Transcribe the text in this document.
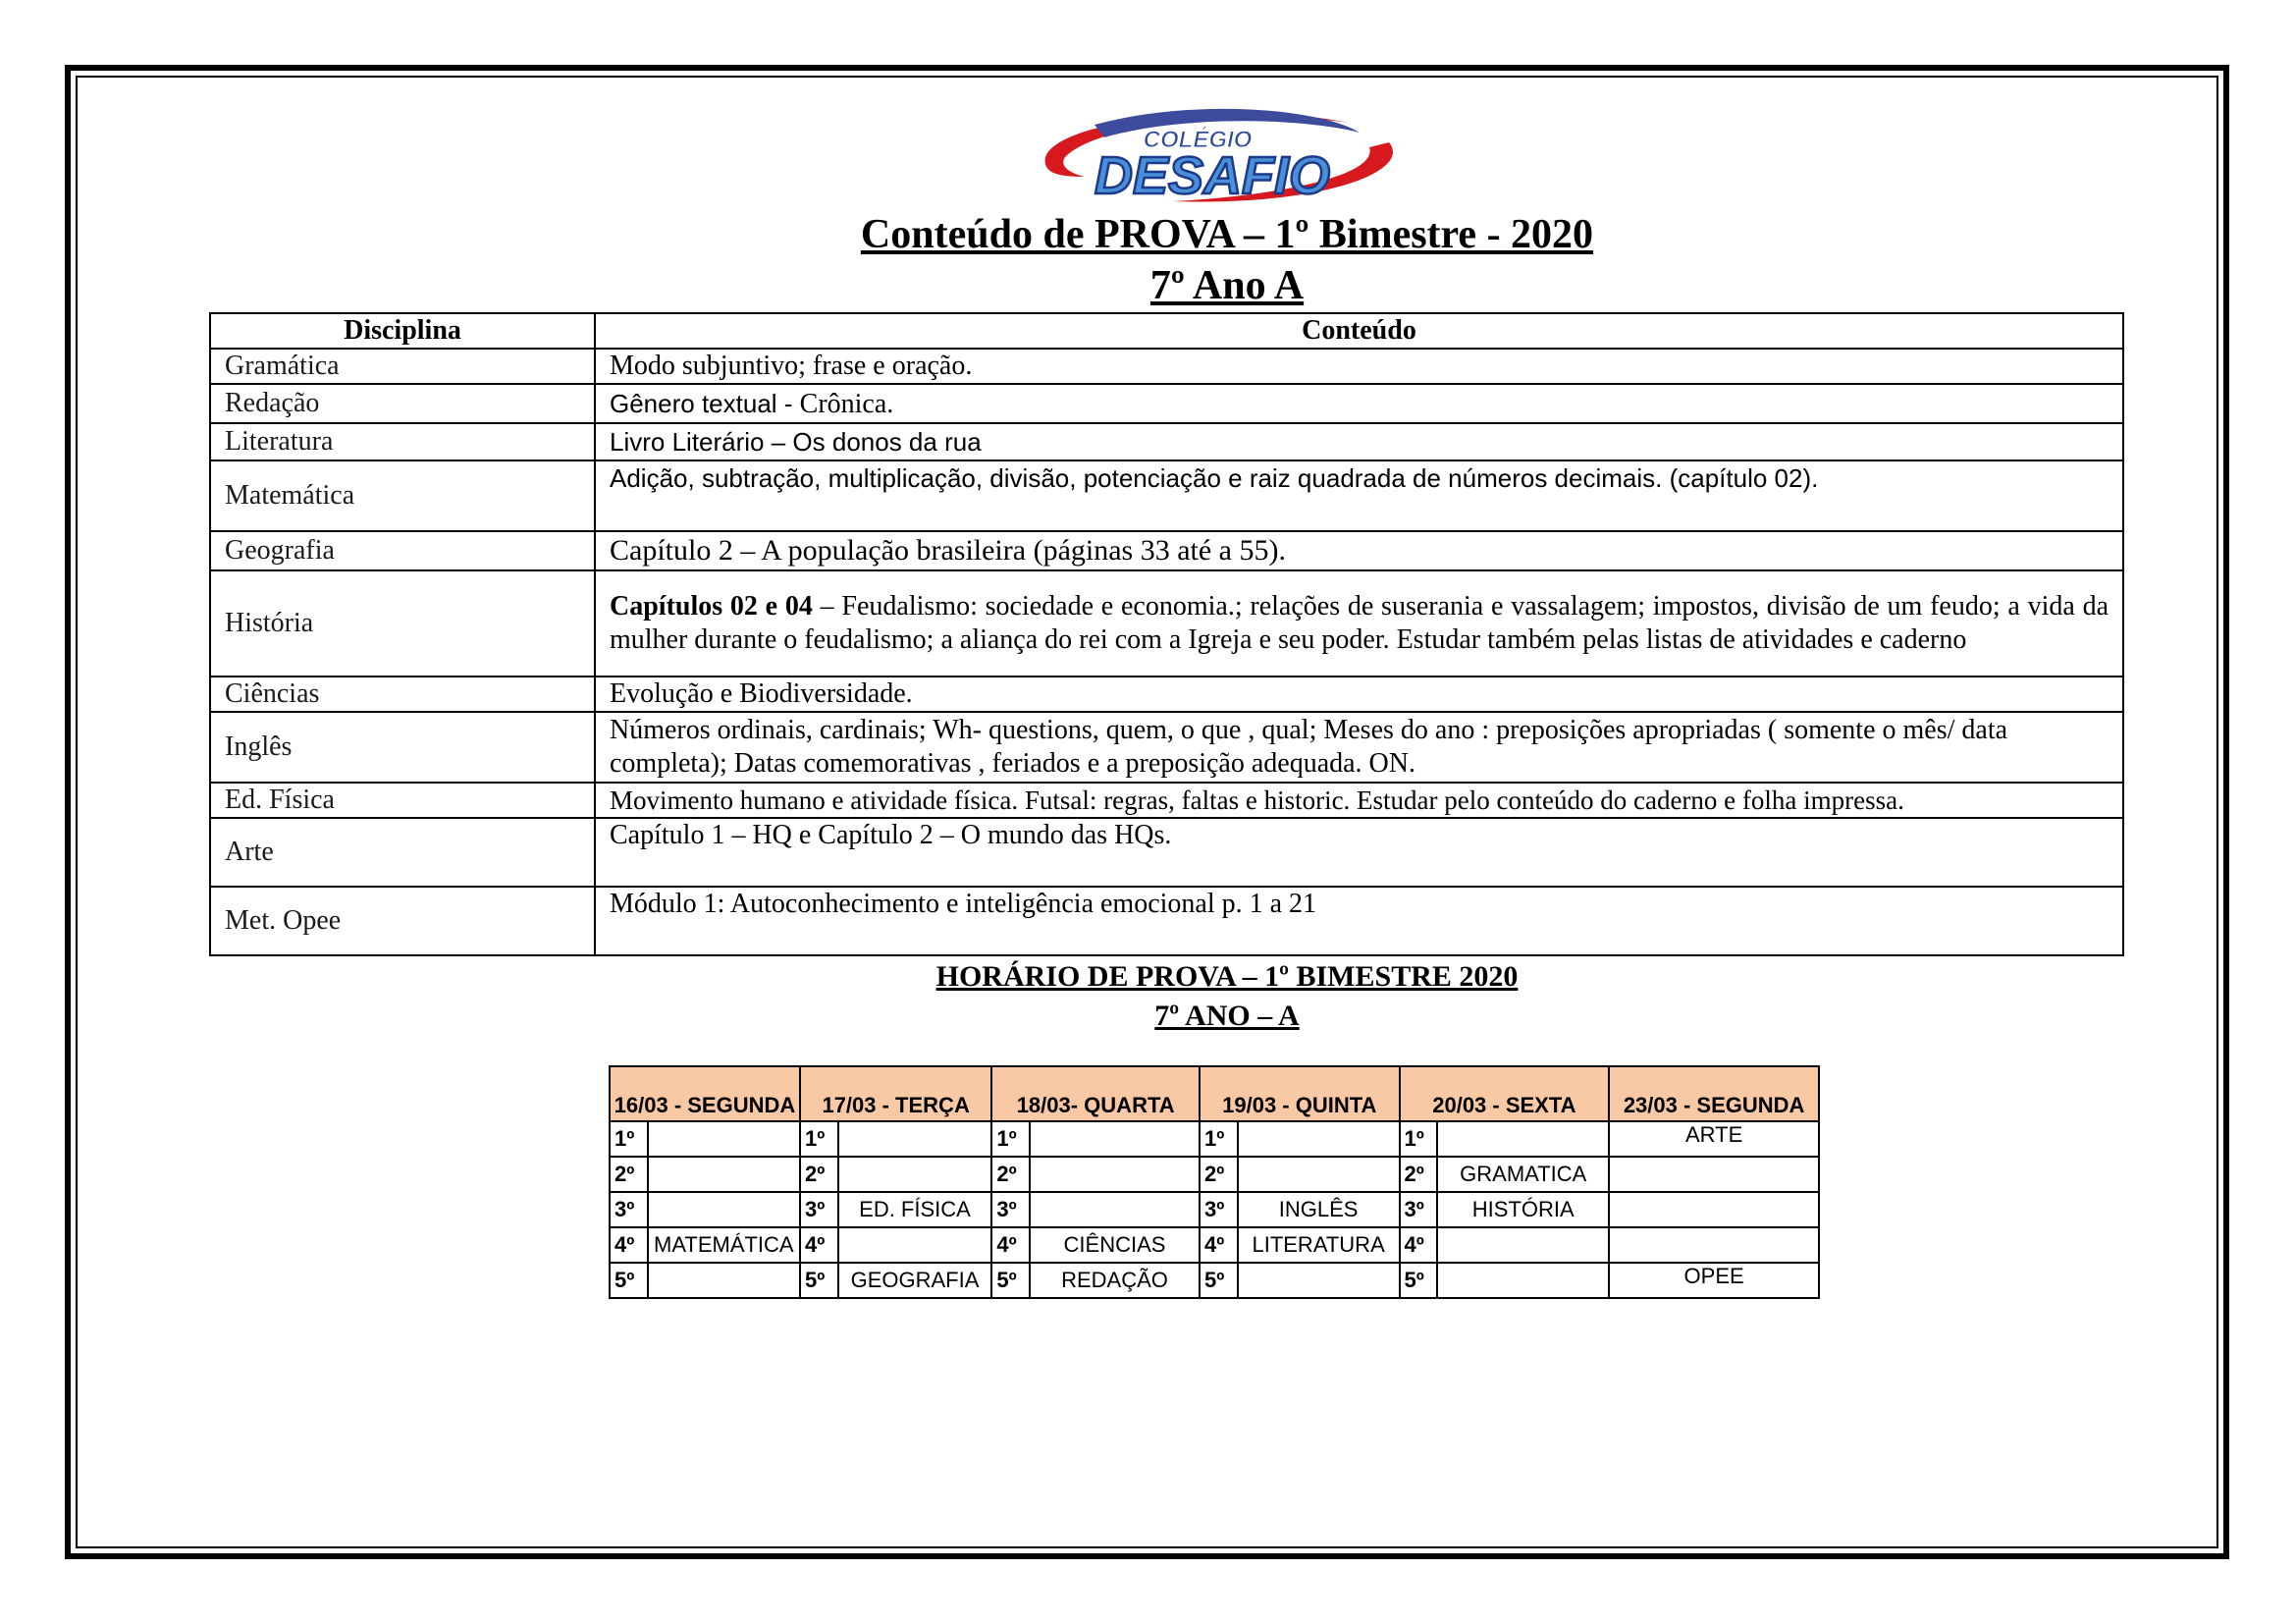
COLÉGIO
DESAFIO
Conteúdo de PROVA – 1º Bimestre - 2020
7º Ano A
Disciplina	Conteúdo
Gramática	Modo subjuntivo; frase e oração.
Redação	Gênero textual - Crônica.
Literatura	Livro Literário – Os donos da rua
Matemática	Adição, subtração, multiplicação, divisão, potenciação e raiz quadrada de números decimais. (capítulo 02).
Geografia	Capítulo 2 – A população brasileira (páginas 33 até a 55).
História	Capítulos 02 e 04 – Feudalismo: sociedade e economia.; relações de suserania e vassalagem; impostos, divisão de um feudo; a vida da mulher durante o feudalismo; a aliança do rei com a Igreja e seu poder. Estudar também pelas listas de atividades e caderno
Ciências	Evolução e Biodiversidade.
Inglês	Números ordinais, cardinais; Wh- questions, quem, o que , qual; Meses do ano : preposições apropriadas ( somente o mês/ data completa); Datas comemorativas , feriados e a preposição adequada. ON.
Ed. Física	Movimento humano e atividade física. Futsal: regras, faltas e historic. Estudar pelo conteúdo do caderno e folha impressa.
Arte	Capítulo 1 – HQ e Capítulo 2 – O mundo das HQs.
Met. Opee	Módulo 1: Autoconhecimento e inteligência emocional p. 1 a 21
HORÁRIO DE PROVA – 1º BIMESTRE 2020
7º ANO – A
16/03 - SEGUNDA		17/03 - TERÇA		18/03- QUARTA		19/03 - QUINTA		20/03 - SEXTA		23/03 - SEGUNDA
1º		1º		1º		1º		1º		ARTE
2º		2º		2º		2º		2º	GRAMATICA	
3º		3º	ED. FÍSICA	3º		3º	INGLÊS	3º	HISTÓRIA	
4º	MATEMÁTICA	4º		4º	CIÊNCIAS	4º	LITERATURA	4º		
5º		5º	GEOGRAFIA	5º	REDAÇÃO	5º		5º		OPEE
